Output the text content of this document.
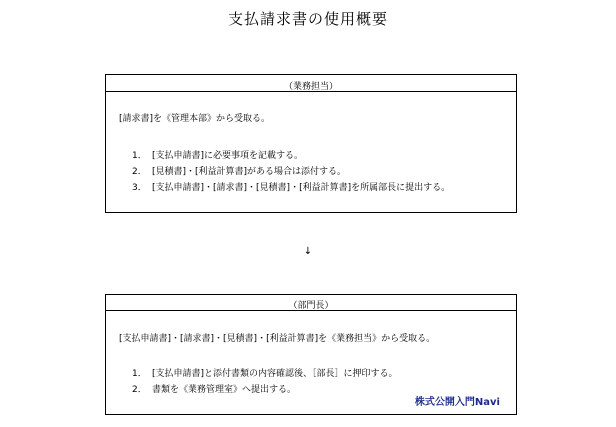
支払請求書の使用概要
（業務担当）
[請求書]を《管理本部》から受取る。
1． [支払申請書]に必要事項を記載する。
2． [見積書]・[利益計算書]がある場合は添付する。
3． [支払申請書]・[請求書]・[見積書]・[利益計算書]を所属部長に提出する。
↓
（部門長）
[支払申請書]・[請求書]・[見積書]・[利益計算書]を《業務担当》から受取る。
1． [支払申請書]と添付書類の内容確認後、［部長］に押印する。
2． 書類を《業務管理室》へ提出する。
株式公開入門Navi
